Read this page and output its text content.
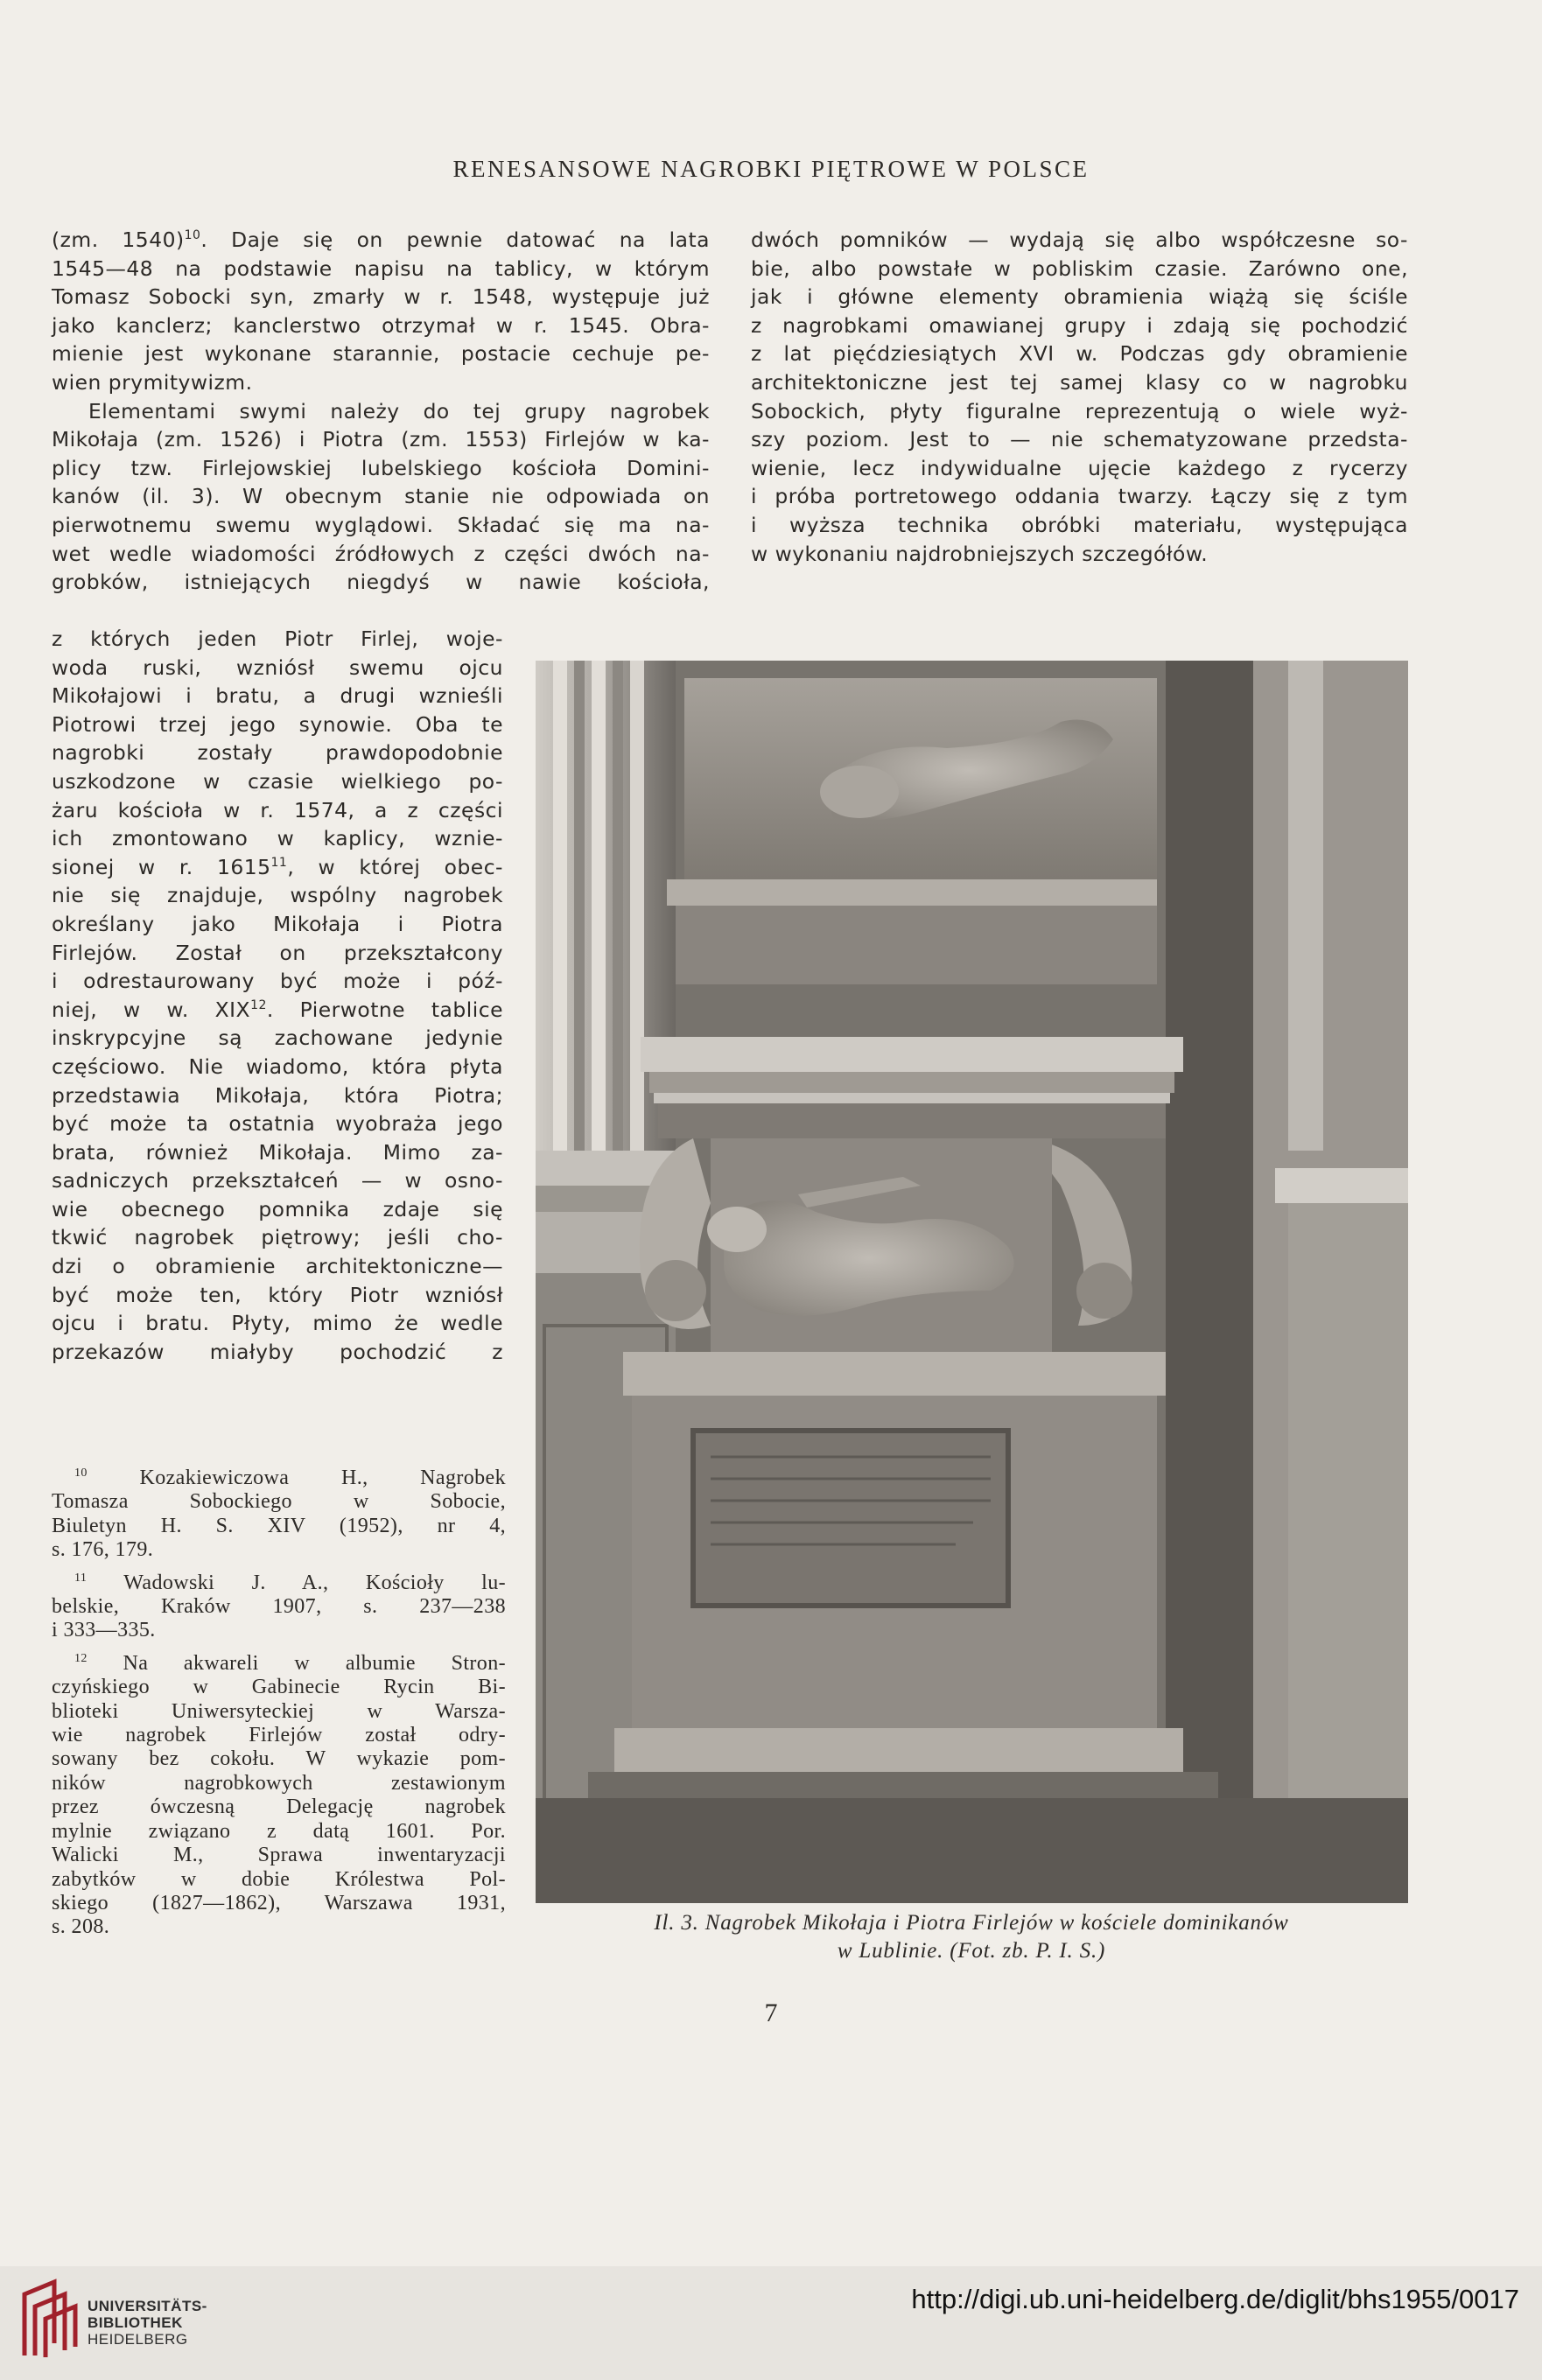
RENESANSOWE NAGROBKI PIĘTROWE W POLSCE

(zm. 1540)$^{10}$. Daje się on pewnie datować na lata

1545—48 na podstawie napisu na tablicy, w którym

Tomasz Sobocki syn, zmarły w r. 1548, występuje już

jako kanclerz; kanclerstwo otrzymał w r. 1545. Obra-

mienie jest wykonane starannie, postacie cechuje pe-

wien prymitywizm.

Elementami swymi należy do tej grupy nagrobek

Mikołaja (zm. 1526) i Piotra (zm. 1553) Firlejów w ka-

plicy tzw. Firlejowskiej lubelskiego kościoła Domini-

kanów (il. 3). W obecnym stanie nie odpowiada on

pierwotnemu swemu wyglądowi. Składać się ma na-

wet wedle wiadomości źródłowych z części dwóch na-

grobków, istniejących niegdyś w nawie kościoła,

z których jeden Piotr Firlej, woje-

woda ruski, wzniósł swemu ojcu

Mikołajowi i bratu, a drugi wznieśli

Piotrowi trzej jego synowie. Oba te

nagrobki zostały prawdopodobnie

uszkodzone w czasie wielkiego po-

żaru kościoła w r. 1574, a z części

ich zmontowano w kaplicy, wznie-

sionej w r. 1615$^{11}$, w której obec-

nie się znajduje, wspólny nagrobek

określany jako Mikołaja i Piotra

Firlejów. Został on przekształcony

i odrestaurowany być może i póź-

niej, w w. XIX$^{12}$. Pierwotne tablice

inskrypcyjne są zachowane jedynie

częściowo. Nie wiadomo, która płyta

przedstawia Mikołaja, która Piotra;

być może ta ostatnia wyobraża jego

brata, również Mikołaja. Mimo za-

sadniczych przekształceń — w osno-

wie obecnego pomnika zdaje się

tkwić nagrobek piętrowy; jeśli cho-

dzi o obramienie architektoniczne—

być może ten, który Piotr wzniósł

ojcu i bratu. Płyty, mimo że wedle

przekazów miałyby pochodzić z

dwóch pomników — wydają się albo współczesne so-

bie, albo powstałe w pobliskim czasie. Zarówno one,

jak i główne elementy obramienia wiążą się ściśle

z nagrobkami omawianej grupy i zdają się pochodzić

z lat pięćdziesiątych XVI w. Podczas gdy obramienie

architektoniczne jest tej samej klasy co w nagrobku

Sobockich, płyty figuralne reprezentują o wiele wyż-

szy poziom. Jest to — nie schematyzowane przedsta-

wienie, lecz indywidualne ujęcie każdego z rycerzy

i próba portretowego oddania twarzy. Łączy się z tym

i wyższa technika obróbki materiału, występująca

w wykonaniu najdrobniejszych szczegółów.

$^{10}$ Kozakiewiczowa H., Nagrobek

Tomasza Sobockiego w Sobocie,

Biuletyn H. S. XIV (1952), nr 4,

s. 176, 179.

$^{11}$ Wadowski J. A., Kościoły lu-

belskie, Kraków 1907, s. 237—238

i 333—335.

$^{12}$ Na akwareli w albumie Stron-

czyńskiego w Gabinecie Rycin Bi-

blioteki Uniwersyteckiej w Warsza-

wie nagrobek Firlejów został odry-

sowany bez cokołu. W wykazie pom-

ników nagrobkowych zestawionym

przez ówczesną Delegację nagrobek

mylnie związano z datą 1601. Por.

Walicki M., Sprawa inwentaryzacji

zabytków w dobie Królestwa Pol-

skiego (1827—1862), Warszawa 1931,

s. 208.	Il. 3. Nagrobek Mikołaja i Piotra Firlejów w kościele dominikanów

w Lublinie. (Fot. zb. P. I. S.)

7
UNIVERSITÄTS-
BIBLIOTHEK
HEIDELBERG
http://digi.ub.uni-heidelberg.de/diglit/bhs1955/0017
